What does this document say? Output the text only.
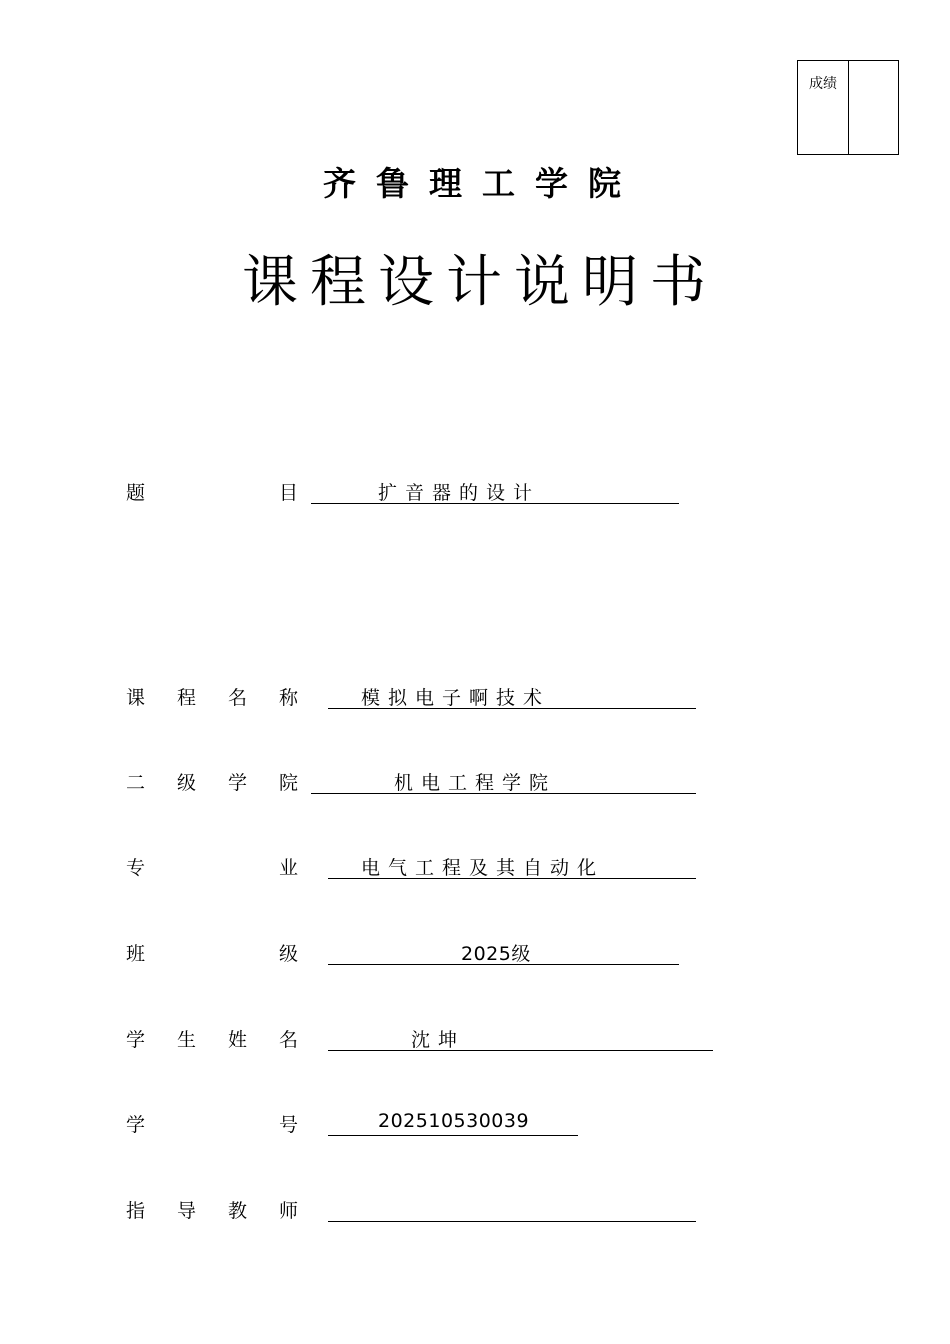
成绩
齐鲁理工学院
课程设计说明书
题	目	扩音器的设计
课 程 名 称	模拟电子啊技术
二 级 学 院	机电工程学院
专	业	电气工程及其自动化
班	级	2025级
学 生 姓 名	沈坤
学	号	202510530039
指 导 教 师
